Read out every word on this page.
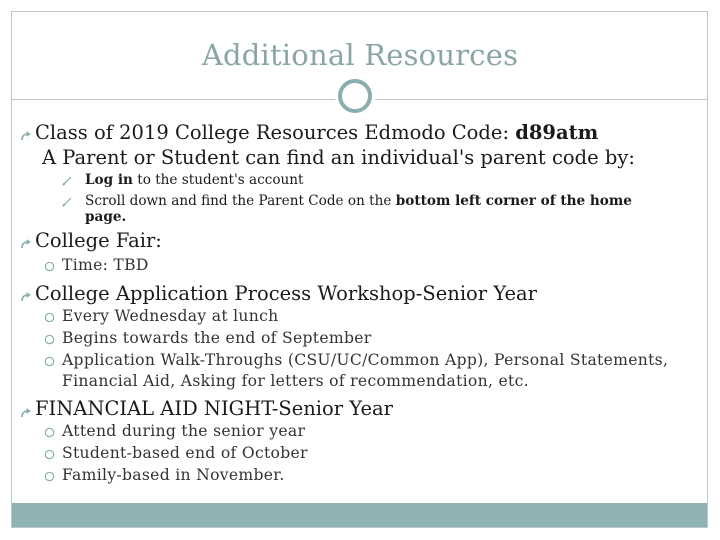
Additional Resources
Class of 2019 College Resources Edmodo Code: d89atm
A Parent or Student can find an individual's parent code by:
Log in to the student's account
Scroll down and find the Parent Code on the bottom left corner of the home
page.
College Fair:
Time: TBD
College Application Process Workshop-Senior Year
Every Wednesday at lunch
Begins towards the end of September
Application Walk-Throughs (CSU/UC/Common App), Personal Statements,
Financial Aid, Asking for letters of recommendation, etc.
FINANCIAL AID NIGHT-Senior Year
Attend during the senior year
Student-based end of October
Family-based in November.
